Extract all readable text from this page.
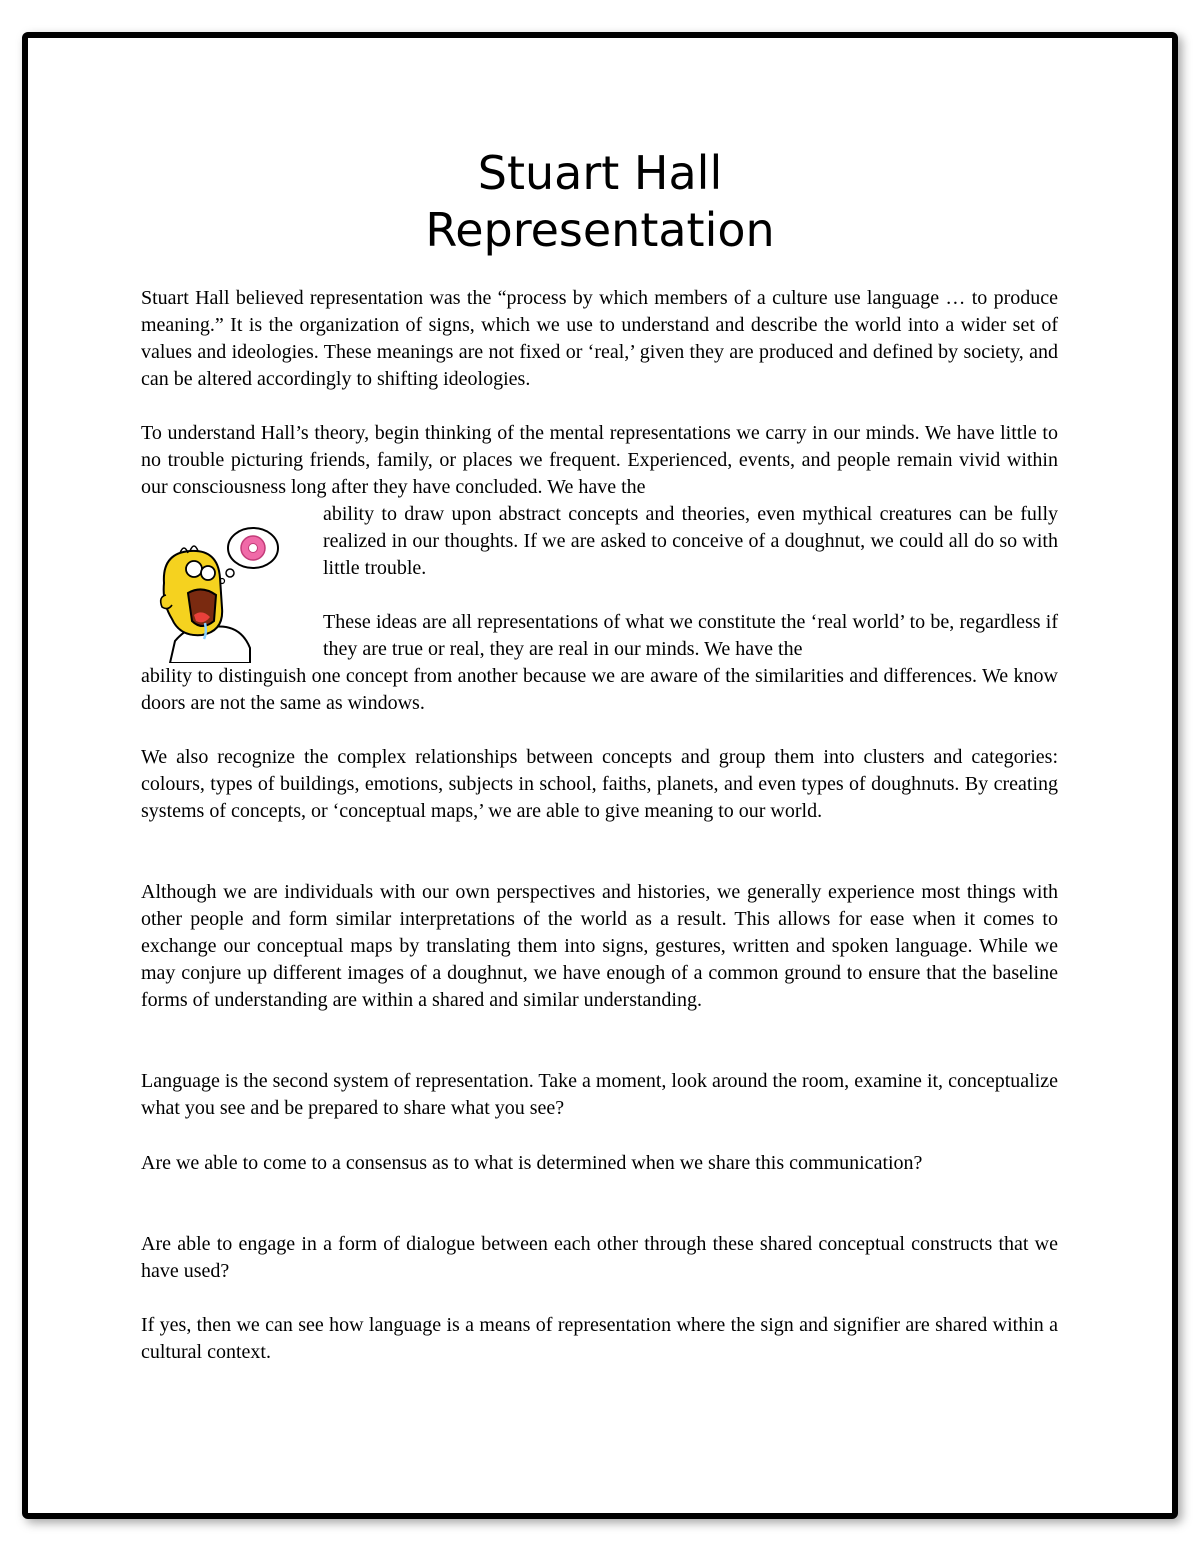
Stuart Hall
Representation

Stuart Hall believed representation was the “process by which members of a culture use language … to produce meaning.” It is the organization of signs, which we use to understand and describe the world into a wider set of values and ideologies. These meanings are not fixed or ‘real,’ given they are produced and defined by society, and can be altered accordingly to shifting ideologies.

To understand Hall’s theory, begin thinking of the mental representations we carry in our minds. We have little to no trouble picturing friends, family, or places we frequent. Experienced, events, and people remain vivid within our consciousness long after they have concluded. We have the

ability to draw upon abstract concepts and theories, even mythical creatures can be fully realized in our thoughts. If we are asked to conceive of a doughnut, we could all do so with little trouble.

These ideas are all representations of what we constitute the ‘real world’ to be, regardless if they are true or real, they are real in our minds. We have the

ability to distinguish one concept from another because we are aware of the similarities and differences. We know doors are not the same as windows.

We also recognize the complex relationships between concepts and group them into clusters and categories: colours, types of buildings, emotions, subjects in school, faiths, planets, and even types of doughnuts. By creating systems of concepts, or ‘conceptual maps,’ we are able to give meaning to our world.

Although we are individuals with our own perspectives and histories, we generally experience most things with other people and form similar interpretations of the world as a result. This allows for ease when it comes to exchange our conceptual maps by translating them into signs, gestures, written and spoken language. While we may conjure up different images of a doughnut, we have enough of a common ground to ensure that the baseline forms of understanding are within a shared and similar understanding.

Language is the second system of representation. Take a moment, look around the room, examine it, conceptualize what you see and be prepared to share what you see?

Are we able to come to a consensus as to what is determined when we share this communication?

Are able to engage in a form of dialogue between each other through these shared conceptual constructs that we have used?

If yes, then we can see how language is a means of representation where the sign and signifier are shared within a cultural context.
